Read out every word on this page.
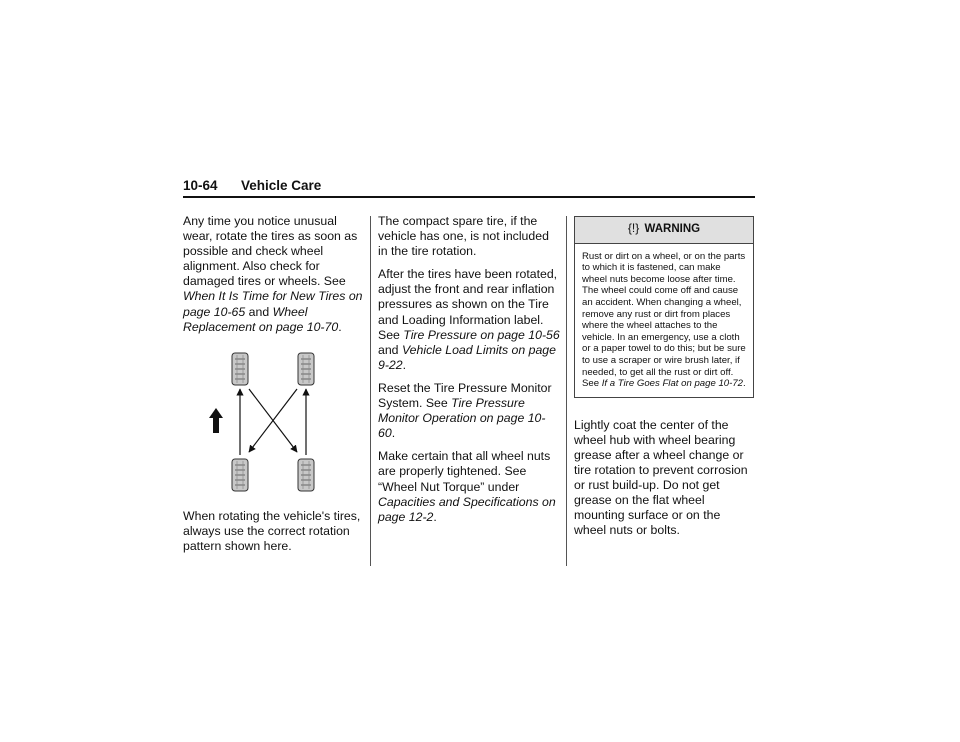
10-64 Vehicle Care

Any time you notice unusual wear, rotate the tires as soon as possible and check wheel alignment. Also check for damaged tires or wheels. See When It Is Time for New Tires on page 10-65 and Wheel Replacement on page 10-70.

When rotating the vehicle's tires, always use the correct rotation pattern shown here.

The compact spare tire, if the vehicle has one, is not included in the tire rotation.

After the tires have been rotated, adjust the front and rear inflation pressures as shown on the Tire and Loading Information label. See Tire Pressure on page 10-56 and Vehicle Load Limits on page 9-22.

Reset the Tire Pressure Monitor System. See Tire Pressure Monitor Operation on page 10-60.

Make certain that all wheel nuts are properly tightened. See “Wheel Nut Torque” under Capacities and Specifications on page 12-2.

{!} WARNING
Rust or dirt on a wheel, or on the parts to which it is fastened, can make wheel nuts become loose after time. The wheel could come off and cause an accident. When changing a wheel, remove any rust or dirt from places where the wheel attaches to the vehicle. In an emergency, use a cloth or a paper towel to do this; but be sure to use a scraper or wire brush later, if needed, to get all the rust or dirt off. See If a Tire Goes Flat on page 10-72.

Lightly coat the center of the wheel hub with wheel bearing grease after a wheel change or tire rotation to prevent corrosion or rust build-up. Do not get grease on the flat wheel mounting surface or on the wheel nuts or bolts.
